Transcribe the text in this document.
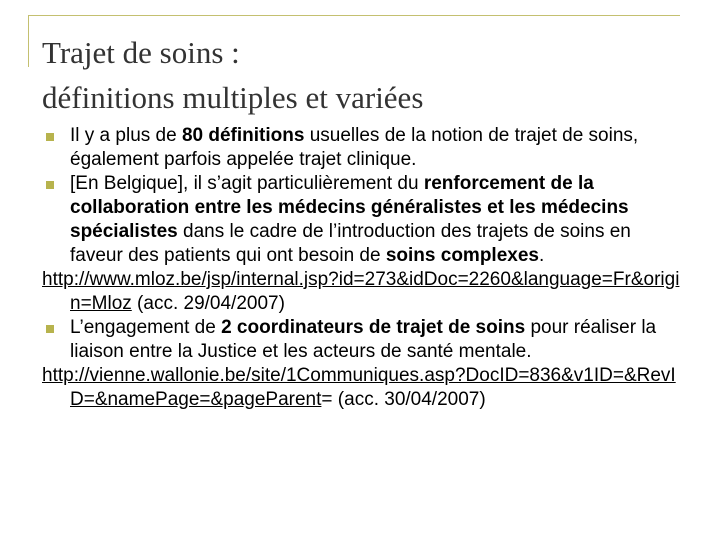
Trajet de soins :
définitions multiples et variées
Il y a plus de 80 définitions usuelles de la notion de trajet de soins, également parfois appelée trajet clinique.
[En Belgique], il s’agit particulièrement du renforcement de la collaboration entre les médecins généralistes et les médecins spécialistes dans le cadre de l’introduction des trajets de soins en faveur des patients qui ont besoin de soins complexes.
http://www.mloz.be/jsp/internal.jsp?id=273&idDoc=2260&language=Fr&origin=Mloz (acc. 29/04/2007)
L’engagement de 2 coordinateurs de trajet de soins pour réaliser la liaison entre la Justice et les acteurs de santé mentale.
http://vienne.wallonie.be/site/1Communiques.asp?DocID=836&v1ID=&RevID=&namePage=&pageParent= (acc. 30/04/2007)
